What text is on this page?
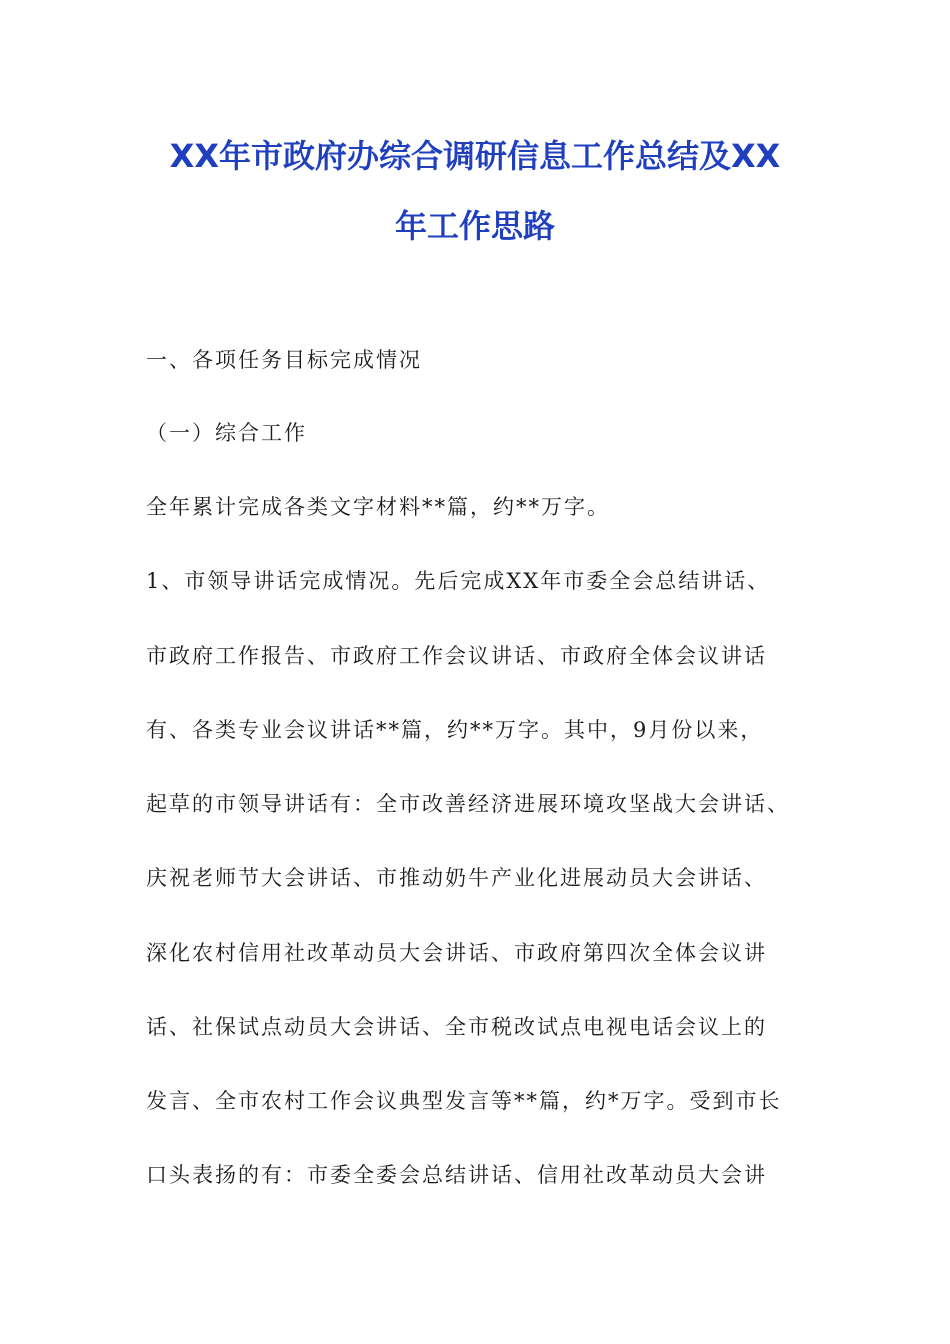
XX年市政府办综合调研信息工作总结及XX
年工作思路
一、各项任务目标完成情况
（一）综合工作
全年累计完成各类文字材料**篇，约**万字。
1、市领导讲话完成情况。先后完成XX年市委全会总结讲话、
市政府工作报告、市政府工作会议讲话、市政府全体会议讲话
有、各类专业会议讲话**篇，约**万字。其中，9月份以来，
起草的市领导讲话有：全市改善经济进展环境攻坚战大会讲话、
庆祝老师节大会讲话、市推动奶牛产业化进展动员大会讲话、
深化农村信用社改革动员大会讲话、市政府第四次全体会议讲
话、社保试点动员大会讲话、全市税改试点电视电话会议上的
发言、全市农村工作会议典型发言等**篇，约*万字。受到市长
口头表扬的有：市委全委会总结讲话、信用社改革动员大会讲
